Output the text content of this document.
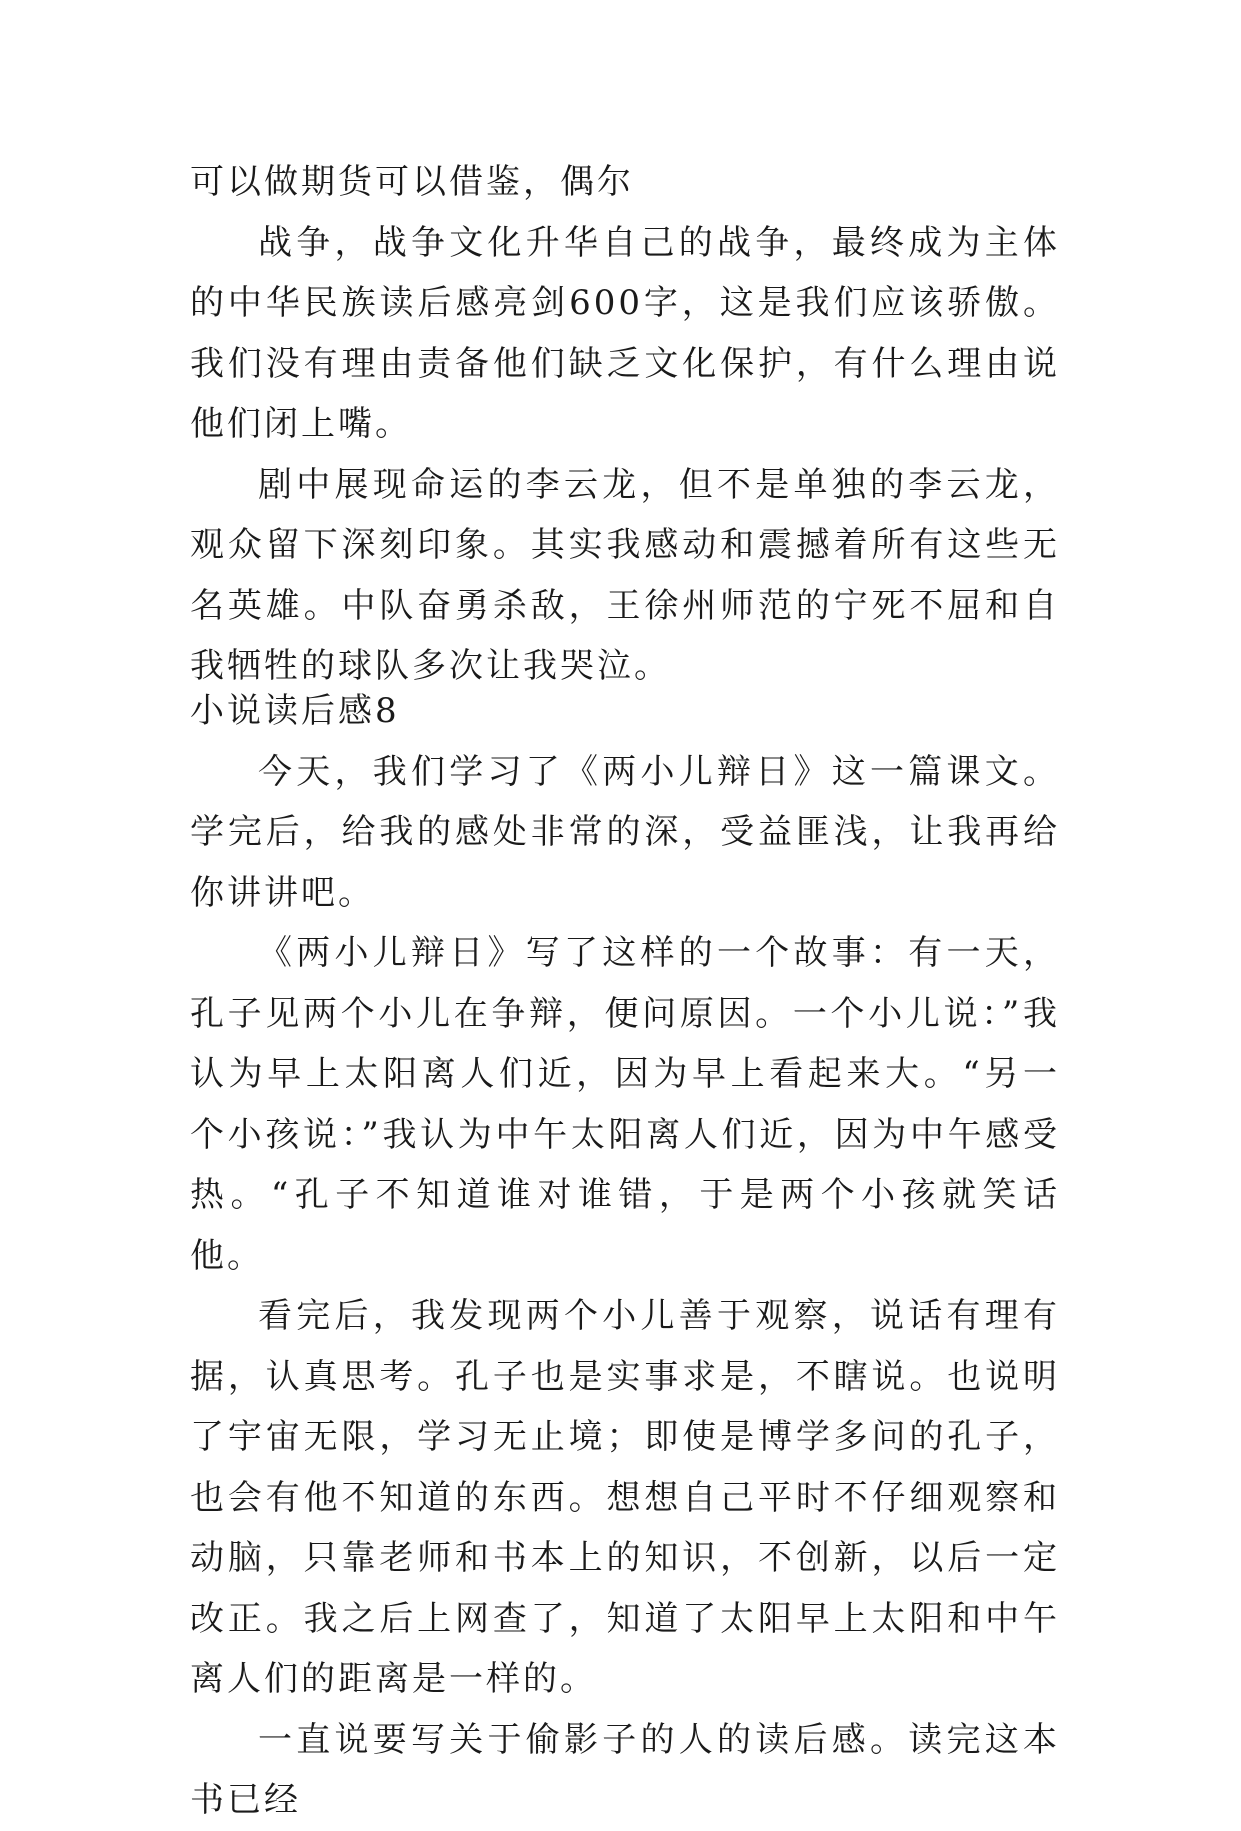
可以做期货可以借鉴，偶尔

战争，战争文化升华自己的战争，最终成为主体的中华民族读后感亮剑600字，这是我们应该骄傲。我们没有理由责备他们缺乏文化保护，有什么理由说他们闭上嘴。

剧中展现命运的李云龙，但不是单独的李云龙，观众留下深刻印象。其实我感动和震撼着所有这些无名英雄。中队奋勇杀敌，王徐州师范的宁死不屈和自我牺牲的球队多次让我哭泣。

小说读后感8

今天，我们学习了《两小儿辩日》这一篇课文。学完后，给我的感处非常的深，受益匪浅，让我再给你讲讲吧。

《两小儿辩日》写了这样的一个故事：有一天，孔子见两个小儿在争辩，便问原因。一个小儿说：”我认为早上太阳离人们近，因为早上看起来大。“另一个小孩说：”我认为中午太阳离人们近，因为中午感受热。“孔子不知道谁对谁错，于是两个小孩就笑话他。

看完后，我发现两个小儿善于观察，说话有理有据，认真思考。孔子也是实事求是，不瞎说。也说明了宇宙无限，学习无止境；即使是博学多问的孔子，也会有他不知道的东西。想想自己平时不仔细观察和动脑，只靠老师和书本上的知识，不创新，以后一定改正。我之后上网查了，知道了太阳早上太阳和中午离人们的距离是一样的。

一直说要写关于偷影子的人的读后感。读完这本书已经
